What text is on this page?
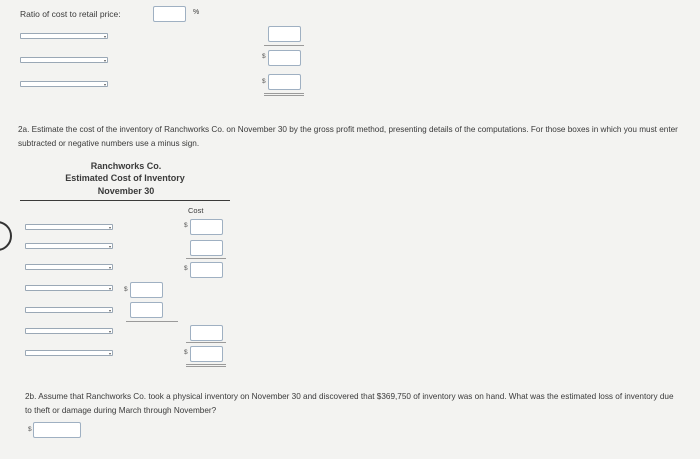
Ratio of cost to retail price:	%
▾
▾
▾
$
$
2a. Estimate the cost of the inventory of Ranchworks Co. on November 30 by the gross profit method, presenting details of the computations. For those boxes in which you must enter subtracted or negative numbers use a minus sign.
Ranchworks Co.
Estimated Cost of Inventory
November 30
Cost
▾
▾
▾
▾
▾
▾
▾
$
$
$
$
2b. Assume that Ranchworks Co. took a physical inventory on November 30 and discovered that $369,750 of inventory was on hand. What was the estimated loss of inventory due to theft or damage during March through November?
$
